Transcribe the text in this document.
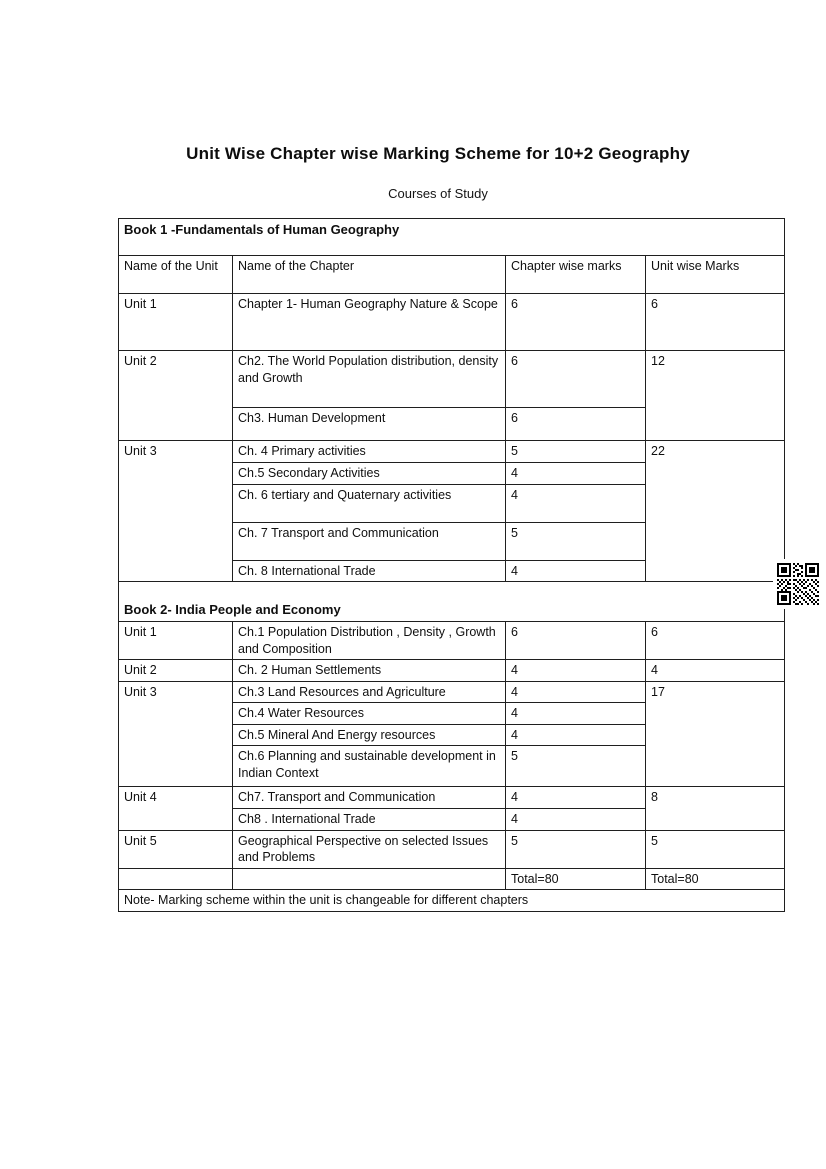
Unit Wise Chapter wise Marking Scheme for 10+2 Geography
Courses of Study
Book 1 -Fundamentals of Human Geography			
Name of the Unit	Name of the Chapter	Chapter wise marks	Unit wise Marks
Unit 1	Chapter 1- Human Geography Nature & Scope	6	6
Unit 2	Ch2. The World Population distribution, density and Growth	6	12
	Ch3. Human Development	6	
Unit 3	Ch. 4 Primary activities	5	22
	Ch.5 Secondary Activities	4	
	Ch. 6 tertiary and Quaternary activities	4	
	Ch. 7 Transport and Communication	5	
	Ch. 8 International Trade	4	
Book 2- India People and Economy			
Unit 1	Ch.1 Population Distribution , Density , Growth and Composition	6	6
Unit 2	Ch. 2 Human Settlements	4	4
Unit 3	Ch.3 Land Resources and Agriculture	4	17
	Ch.4 Water Resources	4	
	Ch.5 Mineral And Energy resources	4	
	Ch.6 Planning and sustainable development in Indian Context	5	
Unit 4	Ch7. Transport and Communication	4	8
	Ch8 . International Trade	4	
Unit 5	Geographical Perspective on selected Issues and Problems	5	5
		Total=80	Total=80
Note- Marking scheme within the unit is changeable for different chapters			
